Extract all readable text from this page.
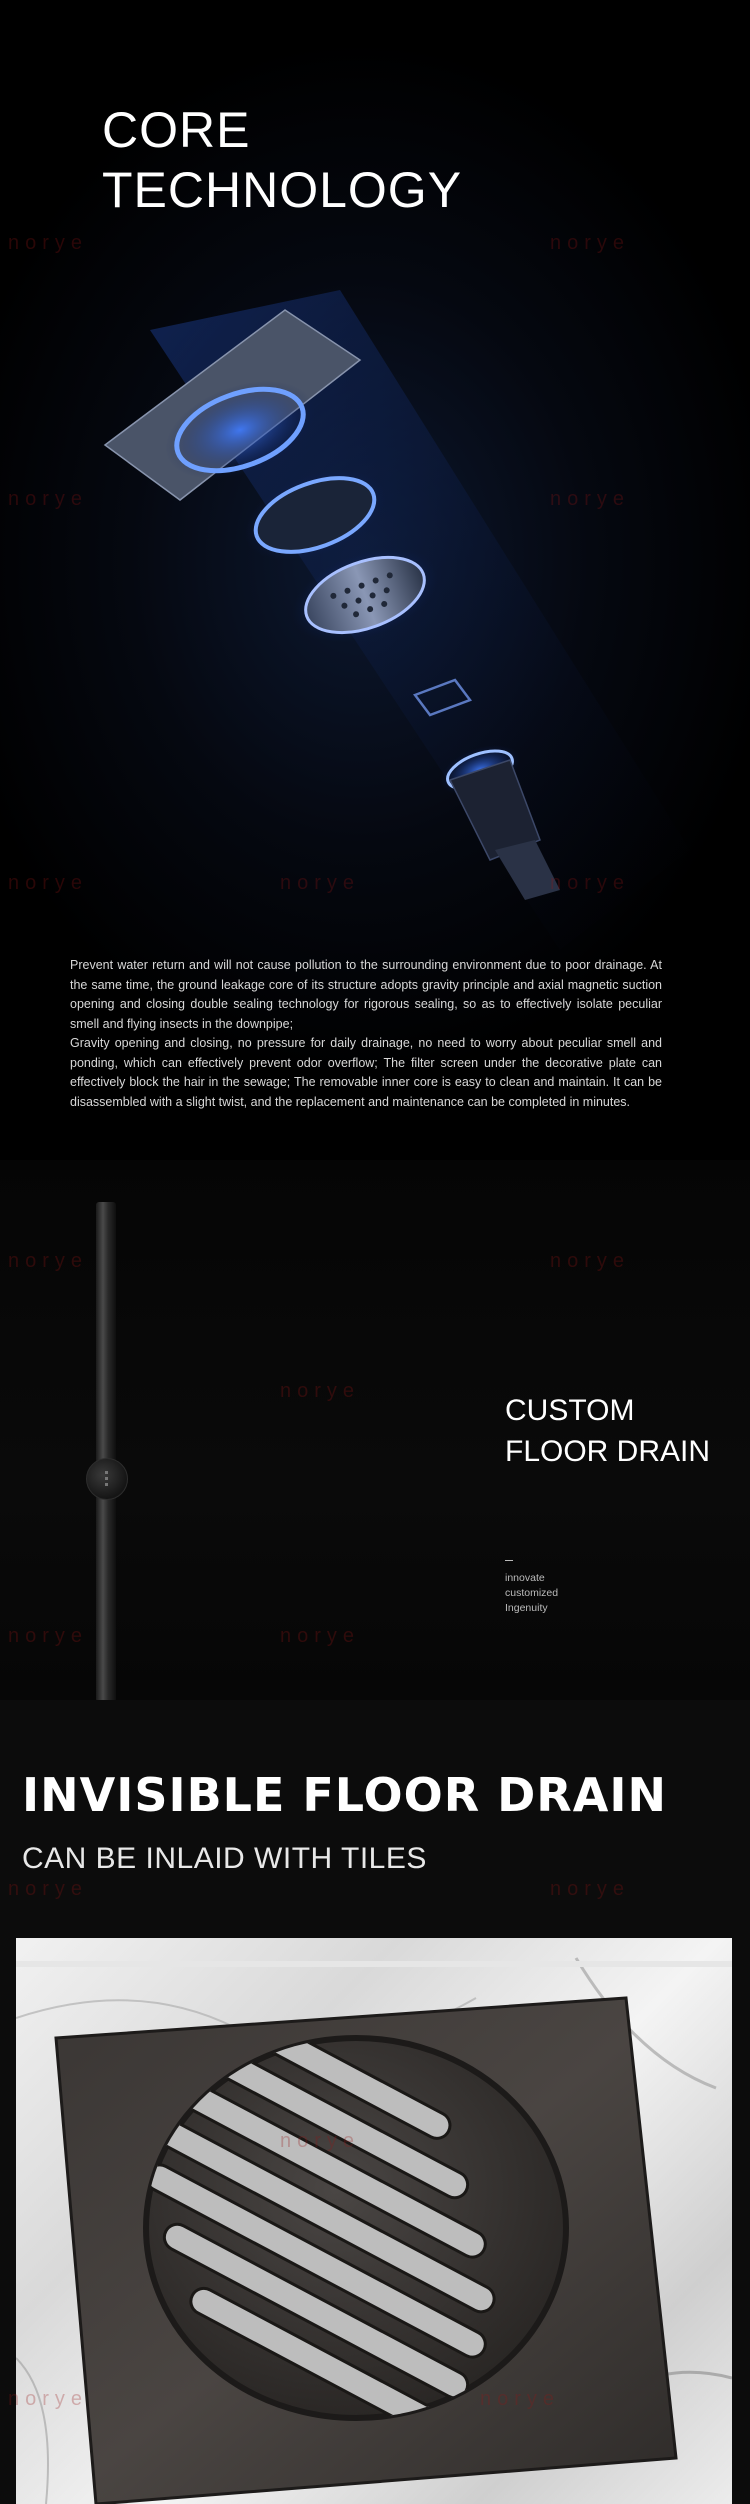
CORE
TECHNOLOGY

Prevent water return and will not cause pollution to the surrounding environment due to poor drainage. At the same time, the ground leakage core of its structure adopts gravity principle and axial magnetic suction opening and closing double sealing technology for rigorous sealing, so as to effectively isolate peculiar smell and flying insects in the downpipe;

Gravity opening and closing, no pressure for daily drainage, no need to worry about peculiar smell and ponding, which can effectively prevent odor overflow; The filter screen under the decorative plate can effectively block the hair in the sewage; The removable inner core is easy to clean and maintain. It can be disassembled with a slight twist, and the replacement and maintenance can be completed in minutes.

CUSTOM
FLOOR DRAIN
innovate
customized
Ingenuity
INVISIBLE FLOOR DRAIN
CAN BE INLAID WITH TILES
norye	norye
norye	norye
norye	norye	norye
norye
norye
norye
norye	norye
norye	norye
norye
norye	norye
